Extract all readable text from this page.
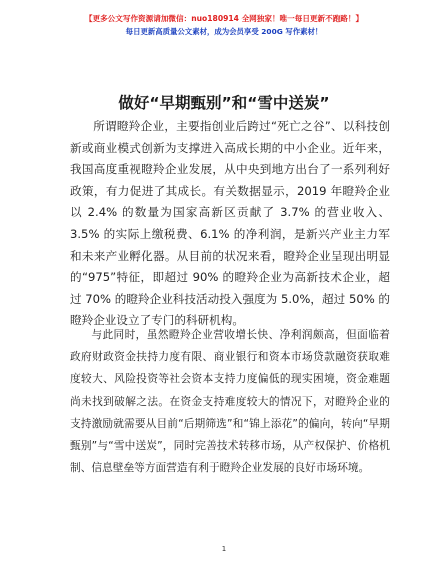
【更多公文写作资源请加微信：nuo180914 全网独家！唯一每日更新不跑路！】
每日更新高质量公文素材，成为会员享受 200G 写作素材！
做好“早期甄别”和“雪中送炭”

所谓瞪羚企业，主要指创业后跨过“死亡之谷”、以科技创新或商业模式创新为支撑进入高成长期的中小企业。近年来，我国高度重视瞪羚企业发展，从中央到地方出台了一系列利好政策，有力促进了其成长。有关数据显示，2019 年瞪羚企业以 2.4% 的数量为国家高新区贡献了 3.7% 的营业收入、3.5% 的实际上缴税费、6.1% 的净利润，是新兴产业主力军和未来产业孵化器。从目前的状况来看，瞪羚企业呈现出明显的“975”特征，即超过 90% 的瞪羚企业为高新技术企业，超过 70% 的瞪羚企业科技活动投入强度为 5.0%，超过 50% 的瞪羚企业设立了专门的科研机构。

与此同时，虽然瞪羚企业营收增长快、净利润颇高，但面临着政府财政资金扶持力度有限、商业银行和资本市场贷款融资获取难度较大、风险投资等社会资本支持力度偏低的现实困境，资金难题尚未找到破解之法。在资金支持难度较大的情况下，对瞪羚企业的支持激励就需要从目前“后期筛选”和“锦上添花”的偏向，转向“早期甄别”与“雪中送炭”，同时完善技术转移市场，从产权保护、价格机制、信息壁垒等方面营造有利于瞪羚企业发展的良好市场环境。

1
